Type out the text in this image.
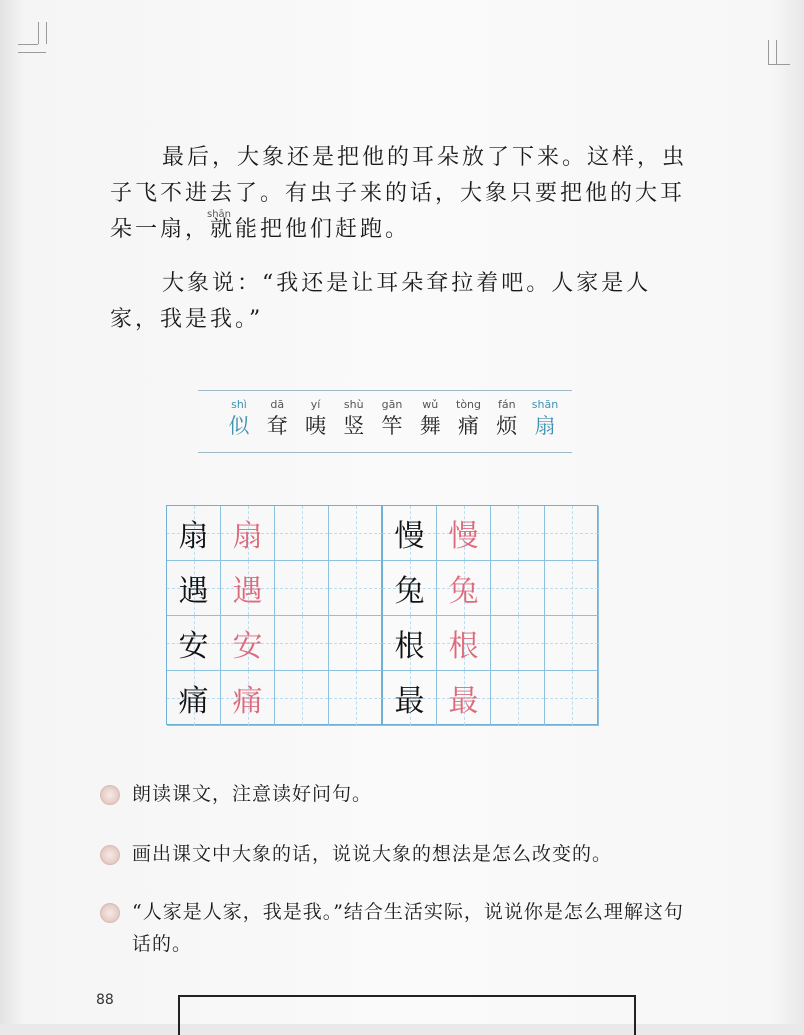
shān

最后，大象还是把他的耳朵放了下来。这样，虫子飞不进去了。有虫子来的话，大象只要把他的大耳朵一扇，就能把他们赶跑。

大象说：“我还是让耳朵耷拉着吧。人家是人家，我是我。”

shì
似
dā
耷
yí
咦
shù
竖
gān
竿
wǔ
舞
tòng
痛
fán
烦
shān
扇
扇 扇
遇 遇
安 安
痛 痛
慢 慢
兔 兔
根 根
最 最
朗读课文，注意读好问句。
画出课文中大象的话，说说大象的想法是怎么改变的。
“人家是人家，我是我。”结合生活实际，说说你是怎么理解这句话的。
88
